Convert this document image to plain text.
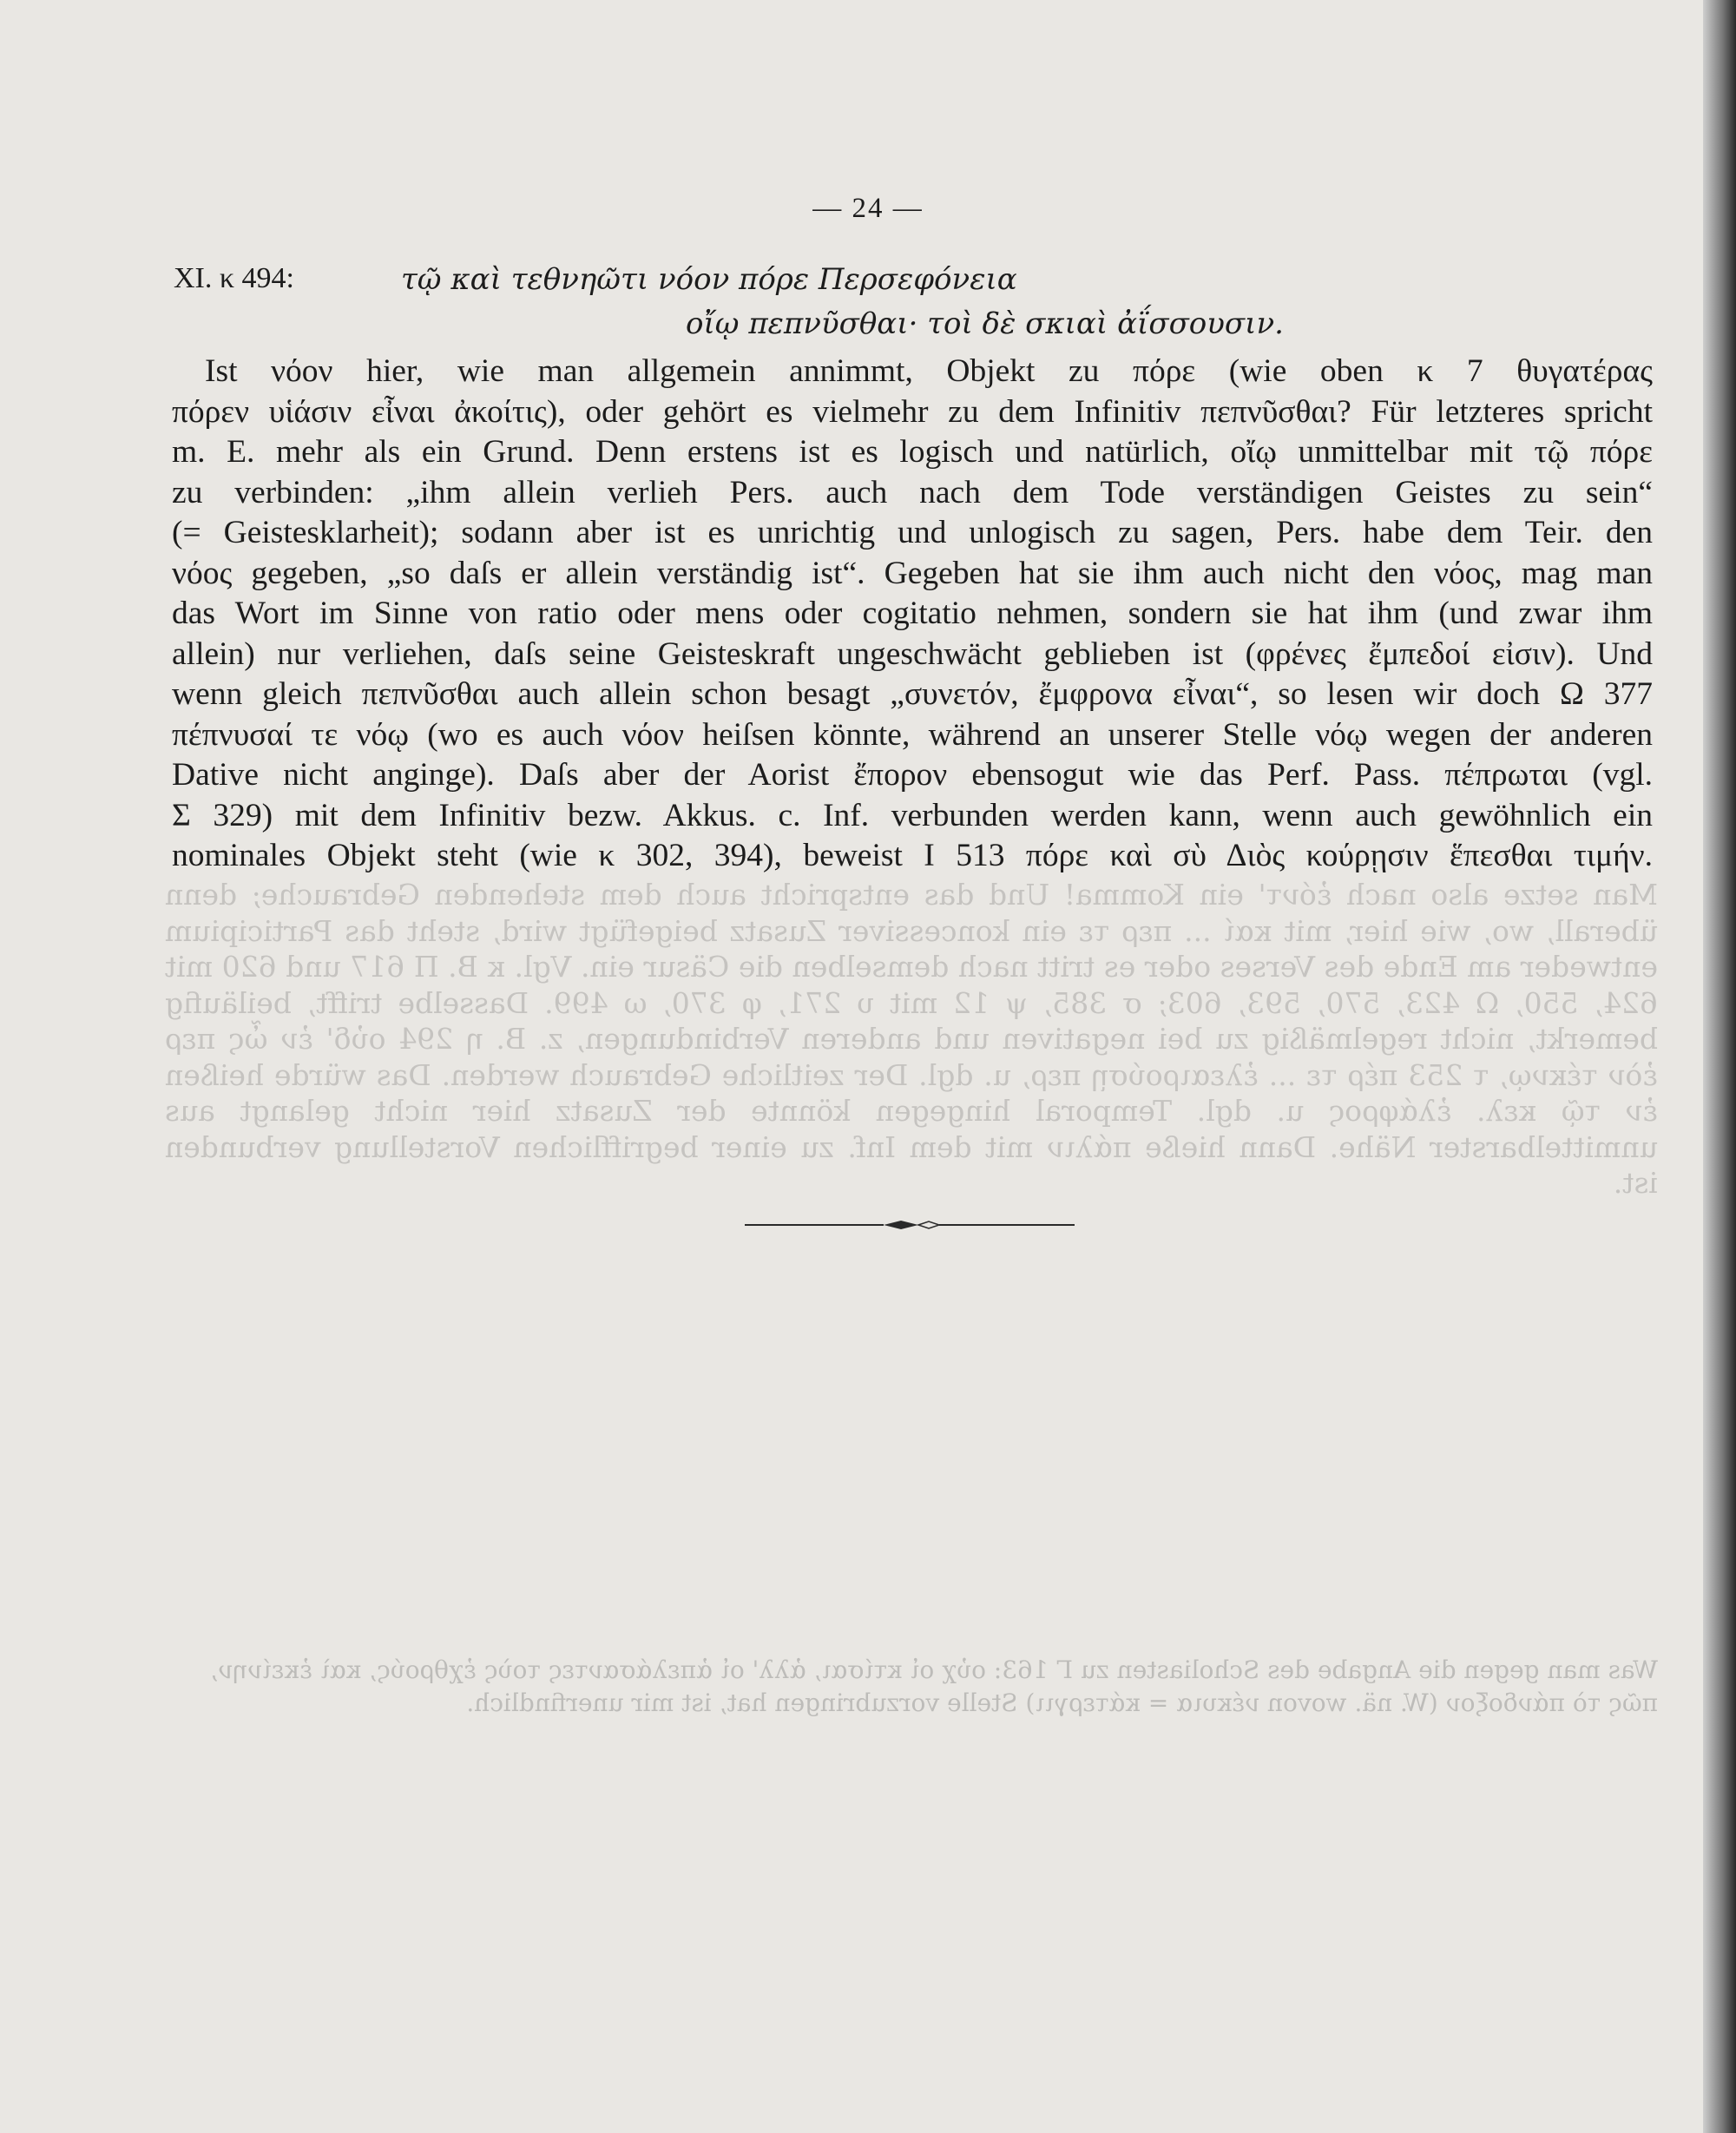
Man setze also nach ἐόντ' ein Komma! Und das entspricht auch dem stehenden Gebrauche; denn überall, wo, wie hier, mit καί ... περ τε ein koncessiver Zusatz beigefügt wird, steht das Participium entweder am Ende des Verses oder es tritt nach demselben die Cäsur ein. Vgl. κ B. Π 617 und 620 mit 624, 550, Ω 423, 570, 593, 603; σ 385, ψ 12 mit υ 271, φ 370, ω 499. Dasselbe trifft, beiläufig bemerkt, nicht regelmäßig zu bei negativen und anderen Verbindungen, z. B. η 294 οὐδ' ἐν ὧς περ ἐὸν τέκνῳ, τ 253 πέρ τε ... ἐλεαιρούσῃ περ, u. dgl. Der zeitliche Gebrauch werden. Das würde heißen ἐν τῷ κελ. ἐλάφρος u. dgl. Temporal hingegen könnte der Zusatz hier nicht gelangt aus unmittelbarster Nähe. Dann hieße πάλιν mit dem Inf. zu einer begrifflichen Vorstellung verbunden ist.
— 24 —
XI. κ 494:	τῷ καὶ τεθνηῶτι νόον πόρε Περσεφόνεια
οἴῳ πεπνῦσθαι· τοὶ δὲ σκιαὶ ἀΐσσουσιν.
Ist νόον hier, wie man allgemein annimmt, Objekt zu πόρε (wie oben κ 7 θυγατέρας
πόρεν υἱάσιν εἶναι ἀκοίτις), oder gehört es vielmehr zu dem Infinitiv πεπνῦσθαι? Für letzteres spricht
m. E. mehr als ein Grund. Denn erstens ist es logisch und natürlich, οἴῳ unmittelbar mit τῷ πόρε
zu verbinden: „ihm allein verlieh Pers. auch nach dem Tode verständigen Geistes zu sein“
(= Geistesklarheit); sodann aber ist es unrichtig und unlogisch zu sagen, Pers. habe dem Teir. den
νόος gegeben, „so daſs er allein verständig ist“. Gegeben hat sie ihm auch nicht den νόος, mag man
das Wort im Sinne von ratio oder mens oder cogitatio nehmen, sondern sie hat ihm (und zwar ihm
allein) nur verliehen, daſs seine Geisteskraft ungeschwächt geblieben ist (φρένες ἔμπεδοί εἰσιν). Und
wenn gleich πεπνῦσθαι auch allein schon besagt „συνετόν, ἔμφρονα εἶναι“, so lesen wir doch Ω 377
πέπνυσαί τε νόῳ (wo es auch νόον heiſsen könnte, während an unserer Stelle νόῳ wegen der anderen
Dative nicht anginge). Daſs aber der Aorist ἔπορον ebensogut wie das Perf. Pass. πέπρωται (vgl.
Σ 329) mit dem Infinitiv bezw. Akkus. c. Inf. verbunden werden kann, wenn auch gewöhnlich ein
nominales Objekt steht (wie κ 302, 394), beweist Ι 513 πόρε καὶ σὺ Διὸς κούρῃσιν ἕπεσθαι τιμήν.
Was man gegen die Angabe des Scholiasten zu Γ 163: οὐχ οἱ κτίσαι, ἀλλ' οἱ ἀπελάσαντες τοὺς ἐχθρούς, καὶ ἐκείνην, πῶς τὸ πάνδοξον (W. nä. wovon νέκυια = κάτεργιι) Stelle vorzubringen hat, ist mir unerfindlich.
